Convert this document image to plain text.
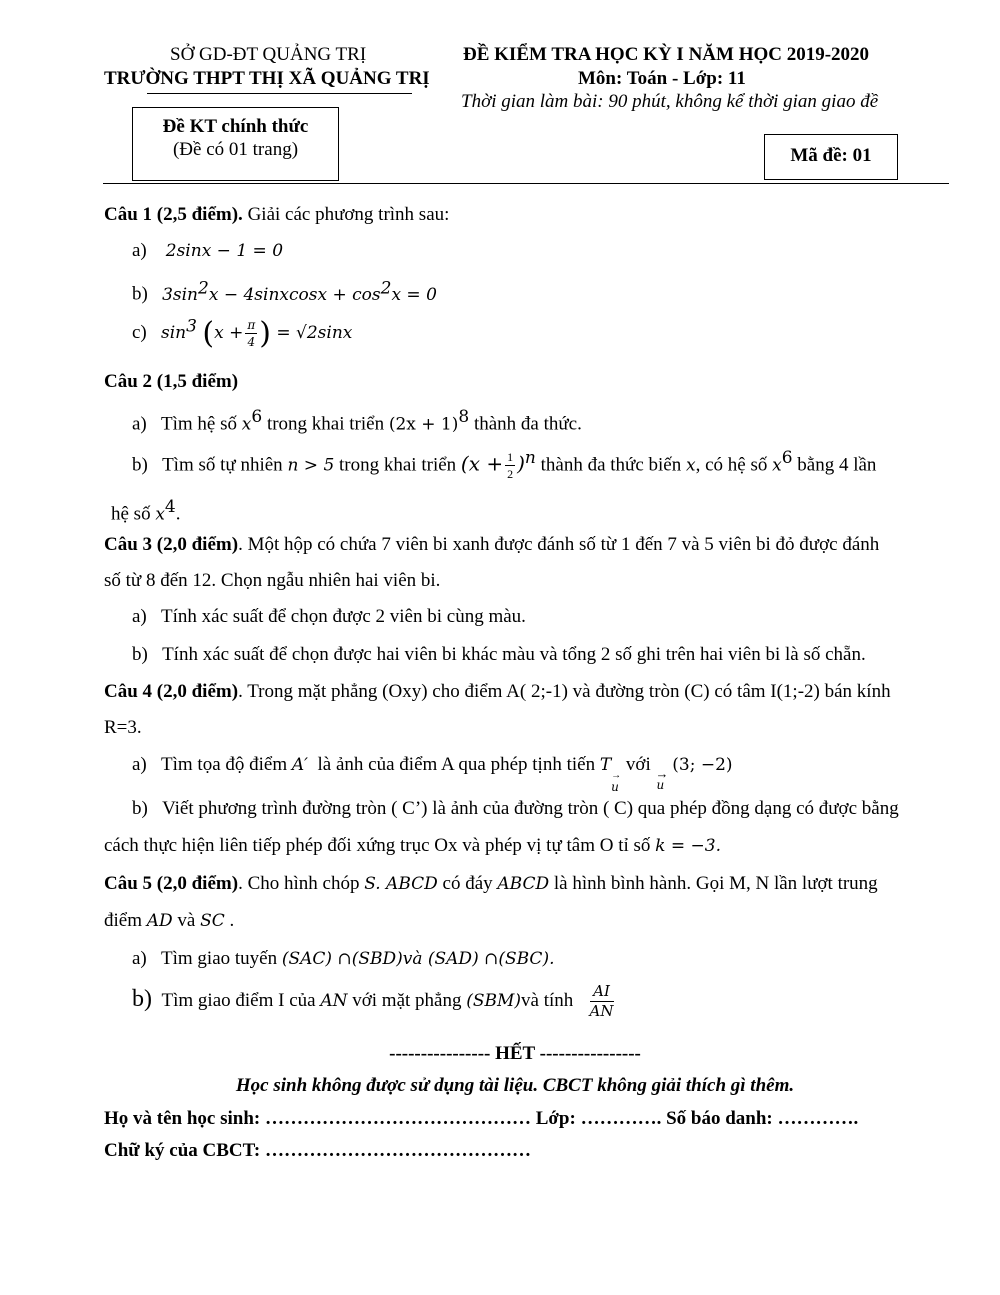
SỞ GD-ĐT QUẢNG TRỊ
TRƯỜNG THPT THỊ XÃ QUẢNG TRỊ
ĐỀ KIỂM TRA HỌC KỲ I NĂM HỌC 2019-2020
Môn: Toán - Lớp: 11
Thời gian làm bài: 90 phút, không kể thời gian giao đề
Đề KT chính thức
(Đề có 01 trang)	Mã đề: 01
Câu 1 (2,5 điểm). Giải các phương trình sau:
a) 2sinx − 1 = 0
b) $3\sin^2x$ − 4sinxcosx + $\cos^2x = 0$
c) $\sin^3 (x + \frac{\pi}{4}$ ) = √2sinx
Câu 2 (1,5 điểm)
a) Tìm hệ số $x^6$ trong khai triển $(2x + 1)^8$ thành đa thức.
b) Tìm số tự nhiên n > 5 trong khai triển $(x + \frac{1}{2} )^n$ thành đa thức biến x, có hệ số $x^6$ bằng 4 lần
hệ số $x^4$.
Câu 3 (2,0 điểm). Một hộp có chứa 7 viên bi xanh được đánh số từ 1 đến 7 và 5 viên bi đỏ được đánh
số từ 8 đến 12. Chọn ngẫu nhiên hai viên bi.
a) Tính xác suất để chọn được 2 viên bi cùng màu.
b) Tính xác suất để chọn được hai viên bi khác màu và tổng 2 số ghi trên hai viên bi là số chẵn.
Câu 4 (2,0 điểm). Trong mặt phẳng (Oxy) cho điểm A( 2;-1) và đường tròn (C) có tâm I(1;-2) bán kính
R=3.
a) Tìm tọa độ điểm A′ là ảnh của điểm A qua phép tịnh tiến T
u
→
với
u
→ (3; −2)
b) Viết phương trình đường tròn ( C’) là ảnh của đường tròn ( C) qua phép đồng dạng có được bằng
cách thực hiện liên tiếp phép đối xứng trục Ox và phép vị tự tâm O tỉ số k = −3.
Câu 5 (2,0 điểm). Cho hình chóp S. ABCD có đáy ABCD là hình bình hành. Gọi M, N lần lượt trung
điểm AD và SC .
a) Tìm giao tuyến (SAC) ∩(SBD)và (SAD) ∩(SBC).
b) Tìm giao điểm I của AN với mặt phẳng (SBM)và tính $\frac{AI}{AN}$
---------------- HẾT ----------------
Học sinh không được sử dụng tài liệu. CBCT không giải thích gì thêm.
Họ và tên học sinh: …………………………………… Lớp: …………. Số báo danh: ………….
Chữ ký của CBCT: ……………………………………
